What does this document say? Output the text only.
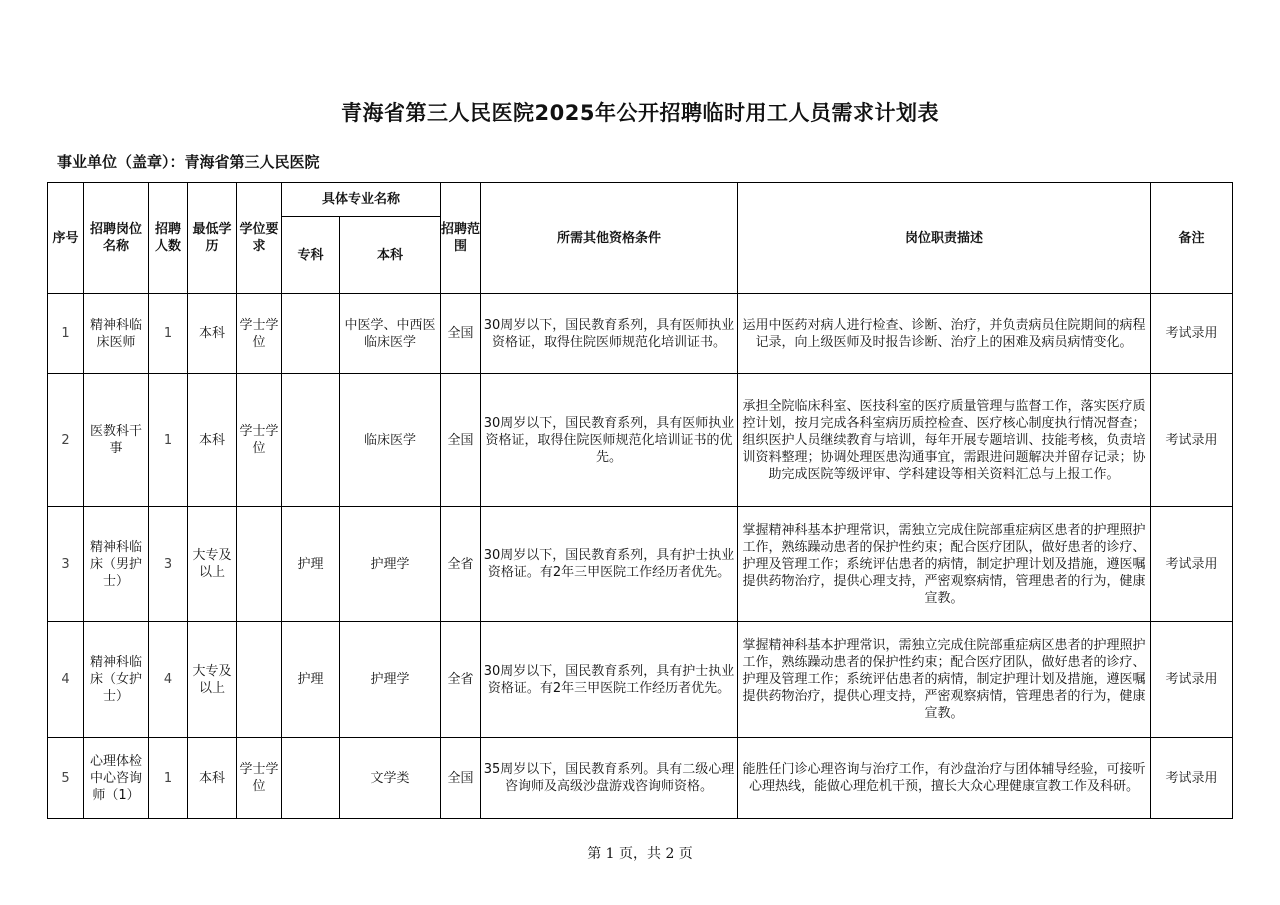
青海省第三人民医院2025年公开招聘临时用工人员需求计划表
事业单位（盖章）：青海省第三人民医院
序号	招聘岗位名称	招聘人数	最低学历	学位要求	具体专业名称		招聘范围	所需其他资格条件	岗位职责描述	备注
					专科	本科				
1	精神科临床医师	1	本科	学士学位		中医学、中西医临床医学	全国	30周岁以下，国民教育系列，具有医师执业资格证，取得住院医师规范化培训证书。	运用中医药对病人进行检查、诊断、治疗，并负责病员住院期间的病程记录，向上级医师及时报告诊断、治疗上的困难及病员病情变化。	考试录用
2	医教科干事	1	本科	学士学位		临床医学	全国	30周岁以下，国民教育系列，具有医师执业资格证，取得住院医师规范化培训证书的优先。	承担全院临床科室、医技科室的医疗质量管理与监督工作，落实医疗质控计划，按月完成各科室病历质控检查、医疗核心制度执行情况督查；组织医护人员继续教育与培训，每年开展专题培训、技能考核，负责培训资料整理；协调处理医患沟通事宜，需跟进问题解决并留存记录；协助完成医院等级评审、学科建设等相关资料汇总与上报工作。	考试录用
3	精神科临床（男护士）	3	大专及以上		护理	护理学	全省	30周岁以下，国民教育系列，具有护士执业资格证。有2年三甲医院工作经历者优先。	掌握精神科基本护理常识，需独立完成住院部重症病区患者的护理照护工作，熟练躁动患者的保护性约束；配合医疗团队，做好患者的诊疗、护理及管理工作；系统评估患者的病情，制定护理计划及措施，遵医嘱提供药物治疗，提供心理支持，严密观察病情，管理患者的行为，健康宣教。	考试录用
4	精神科临床（女护士）	4	大专及以上		护理	护理学	全省	30周岁以下，国民教育系列，具有护士执业资格证。有2年三甲医院工作经历者优先。	掌握精神科基本护理常识，需独立完成住院部重症病区患者的护理照护工作，熟练躁动患者的保护性约束；配合医疗团队，做好患者的诊疗、护理及管理工作；系统评估患者的病情，制定护理计划及措施，遵医嘱提供药物治疗，提供心理支持，严密观察病情，管理患者的行为，健康宣教。	考试录用
5	心理体检中心咨询师（1）	1	本科	学士学位		文学类	全国	35周岁以下，国民教育系列。具有二级心理咨询师及高级沙盘游戏咨询师资格。	能胜任门诊心理咨询与治疗工作，有沙盘治疗与团体辅导经验，可接听心理热线，能做心理危机干预，擅长大众心理健康宣教工作及科研。	考试录用
第 1 页，共 2 页
